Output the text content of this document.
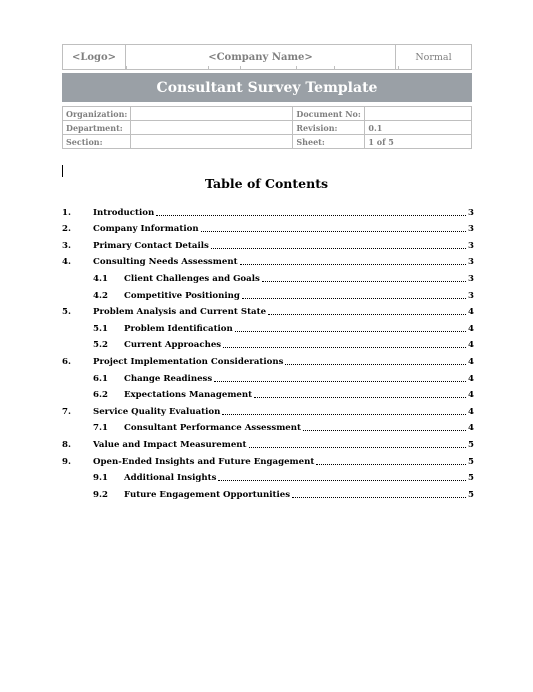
<Logo>	<Company Name>	Normal
Consultant Survey Template
Organization:		Document No:	
Department:		Revision:	0.1
Section:		Sheet:	1 of 5
Table of Contents
1.	Introduction	3
2.	Company Information	3
3.	Primary Contact Details	3
4.	Consulting Needs Assessment	3
4.1	Client Challenges and Goals	3
4.2	Competitive Positioning	3
5.	Problem Analysis and Current State	4
5.1	Problem Identification	4
5.2	Current Approaches	4
6.	Project Implementation Considerations	4
6.1	Change Readiness	4
6.2	Expectations Management	4
7.	Service Quality Evaluation	4
7.1	Consultant Performance Assessment	4
8.	Value and Impact Measurement	5
9.	Open-Ended Insights and Future Engagement	5
9.1	Additional Insights	5
9.2	Future Engagement Opportunities	5
